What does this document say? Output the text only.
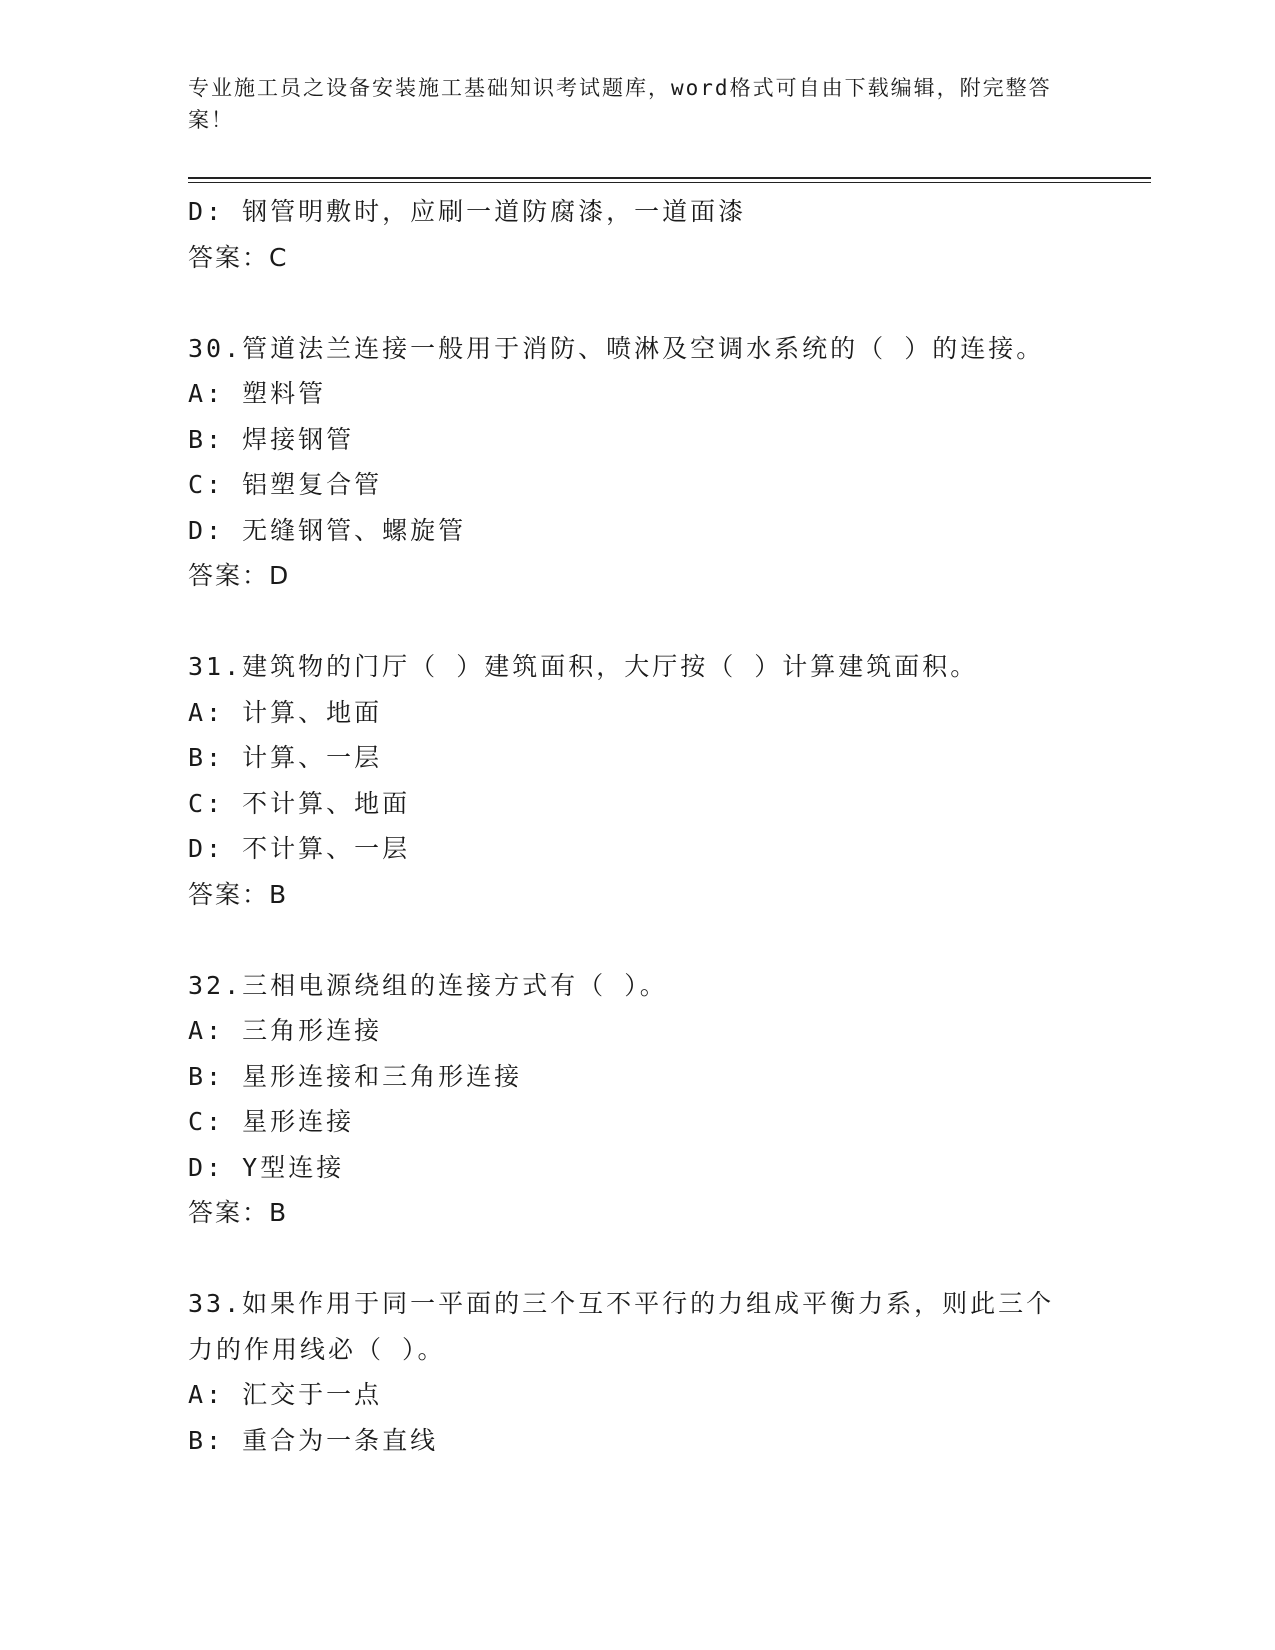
专业施工员之设备安装施工基础知识考试题库，word格式可自由下载编辑，附完整答案！
D: 钢管明敷时，应刷一道防腐漆，一道面漆
答案：C
30.管道法兰连接一般用于消防、喷淋及空调水系统的（ ）的连接。
A: 塑料管
B: 焊接钢管
C: 铝塑复合管
D: 无缝钢管、螺旋管
答案：D
31.建筑物的门厅（ ）建筑面积，大厅按（ ）计算建筑面积。
A: 计算、地面
B: 计算、一层
C: 不计算、地面
D: 不计算、一层
答案：B
32.三相电源绕组的连接方式有（ ）。
A: 三角形连接
B: 星形连接和三角形连接
C: 星形连接
D: Y型连接
答案：B
33.如果作用于同一平面的三个互不平行的力组成平衡力系，则此三个
力的作用线必（ ）。
A: 汇交于一点
B: 重合为一条直线
